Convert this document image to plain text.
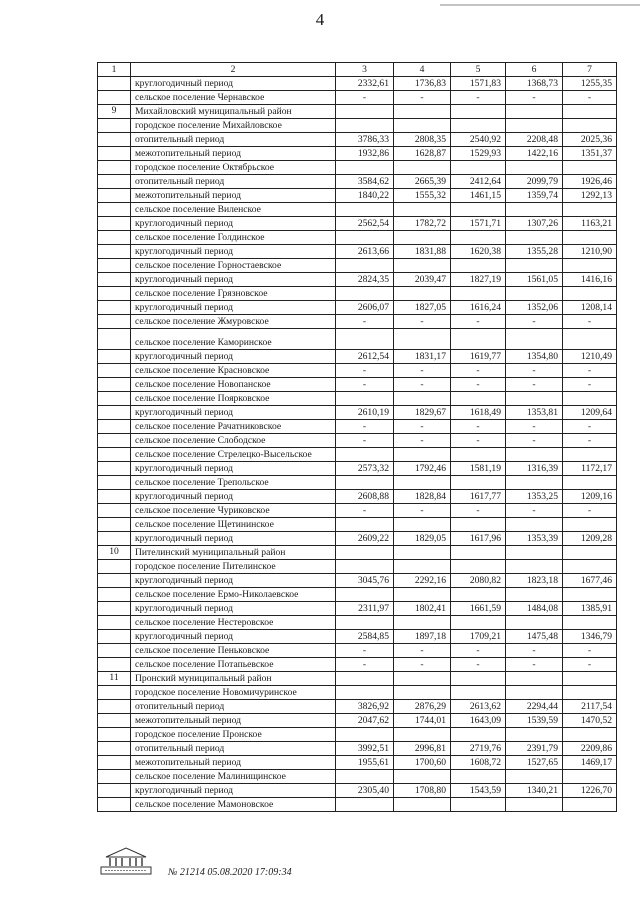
4
1	2	3	4	5	6	7
	круглогодичный период	2332,61	1736,83	1571,83	1368,73	1255,35
	сельское поселение Чернавское	-	-	-	-	-
9	Михайловский муниципальный район					
	городское поселение Михайловское					
	отопительный период	3786,33	2808,35	2540,92	2208,48	2025,36
	межотопительный период	1932,86	1628,87	1529,93	1422,16	1351,37
	городское поселение Октябрьское					
	отопительный период	3584,62	2665,39	2412,64	2099,79	1926,46
	межотопительный период	1840,22	1555,32	1461,15	1359,74	1292,13
	сельское поселение Виленское					
	круглогодичный период	2562,54	1782,72	1571,71	1307,26	1163,21
	сельское поселение Голдинское					
	круглогодичный период	2613,66	1831,88	1620,38	1355,28	1210,90
	сельское поселение Горностаевское					
	круглогодичный период	2824,35	2039,47	1827,19	1561,05	1416,16
	сельское поселение Грязновское					
	круглогодичный период	2606,07	1827,05	1616,24	1352,06	1208,14
	сельское поселение Жмуровское	-	-	-	-	-
	сельское поселение Каморинское					
	круглогодичный период	2612,54	1831,17	1619,77	1354,80	1210,49
	сельское поселение Красновское	-	-	-	-	-
	сельское поселение Новопанское	-	-	-	-	-
	сельское поселение Поярковское					
	круглогодичный период	2610,19	1829,67	1618,49	1353,81	1209,64
	сельское поселение Рачатниковское	-	-	-	-	-
	сельское поселение Слободское	-	-	-	-	-
	сельское поселение Стрелецко-Высельское					
	круглогодичный период	2573,32	1792,46	1581,19	1316,39	1172,17
	сельское поселение Трепольское					
	круглогодичный период	2608,88	1828,84	1617,77	1353,25	1209,16
	сельское поселение Чуриковское	-	-	-	-	-
	сельское поселение Щетининское					
	круглогодичный период	2609,22	1829,05	1617,96	1353,39	1209,28
10	Пителинский муниципальный район					
	городское поселение Пителинское					
	круглогодичный период	3045,76	2292,16	2080,82	1823,18	1677,46
	сельское поселение Ермо-Николаевское					
	круглогодичный период	2311,97	1802,41	1661,59	1484,08	1385,91
	сельское поселение Нестеровское					
	круглогодичный период	2584,85	1897,18	1709,21	1475,48	1346,79
	сельское поселение Пеньковское	-	-	-	-	-
	сельское поселение Потапьевское	-	-	-	-	-
11	Пронский муниципальный район					
	городское поселение Новомичуринское					
	отопительный период	3826,92	2876,29	2613,62	2294,44	2117,54
	межотопительный период	2047,62	1744,01	1643,09	1539,59	1470,52
	городское поселение Пронское					
	отопительный период	3992,51	2996,81	2719,76	2391,79	2209,86
	межотопительный период	1955,61	1700,60	1608,72	1527,65	1469,17
	сельское поселение Малинищинское					
	круглогодичный период	2305,40	1708,80	1543,59	1340,21	1226,70
	сельское поселение Мамоновское					
№ 21214 05.08.2020 17:09:34
